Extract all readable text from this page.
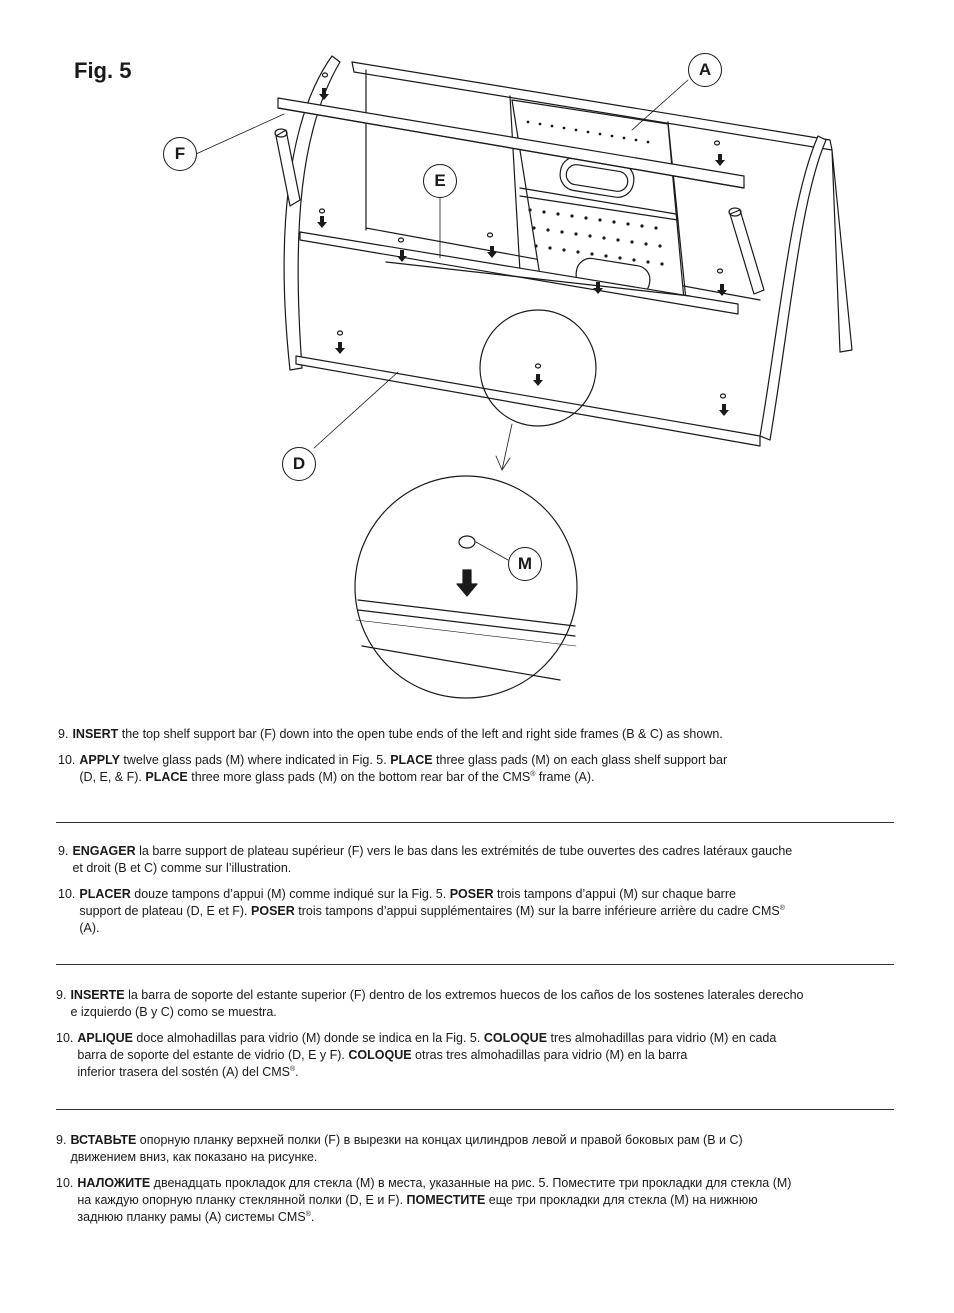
Fig. 5	A
F
E
D
M

9. INSERT the top shelf support bar (F) down into the open tube ends of the left and right side frames (B & C) as shown.

10. APPLY twelve glass pads (M) where indicated in Fig. 5. PLACE three glass pads (M) on each glass shelf support bar
(D, E, & F). PLACE three more glass pads (M) on the bottom rear bar of the CMS® frame (A).

9. ENGAGER la barre support de plateau supérieur (F) vers le bas dans les extrémités de tube ouvertes des cadres latéraux gauche
et droit (B et C) comme sur l’illustration.

10. PLACER douze tampons d’appui (M) comme indiqué sur la Fig. 5. POSER trois tampons d’appui (M) sur chaque barre
support de plateau (D, E et F). POSER trois tampons d’appui supplémentaires (M) sur la barre inférieure arrière du cadre CMS®
(A).

9. INSERTE la barra de soporte del estante superior (F) dentro de los extremos huecos de los caños de los sostenes laterales derecho
e izquierdo (B y C) como se muestra.

10. APLIQUE doce almohadillas para vidrio (M) donde se indica en la Fig. 5. COLOQUE tres almohadillas para vidrio (M) en cada
barra de soporte del estante de vidrio (D, E y F). COLOQUE otras tres almohadillas para vidrio (M) en la barra
inferior trasera del sostén (A) del CMS®.

9. ВСТАВЬТЕ опорную планку верхней полки (F) в вырезки на концах цилиндров левой и правой боковых рам (B и C)
движением вниз, как показано на рисунке.

10. НАЛОЖИТЕ двенадцать прокладок для стекла (M) в места, указанные на рис. 5. Поместите три прокладки для стекла (M)
на каждую опорную планку стеклянной полки (D, E и F). ПОМЕСТИТЕ еще три прокладки для стекла (M) на нижнюю
заднюю планку рамы (A) системы CMS®.
